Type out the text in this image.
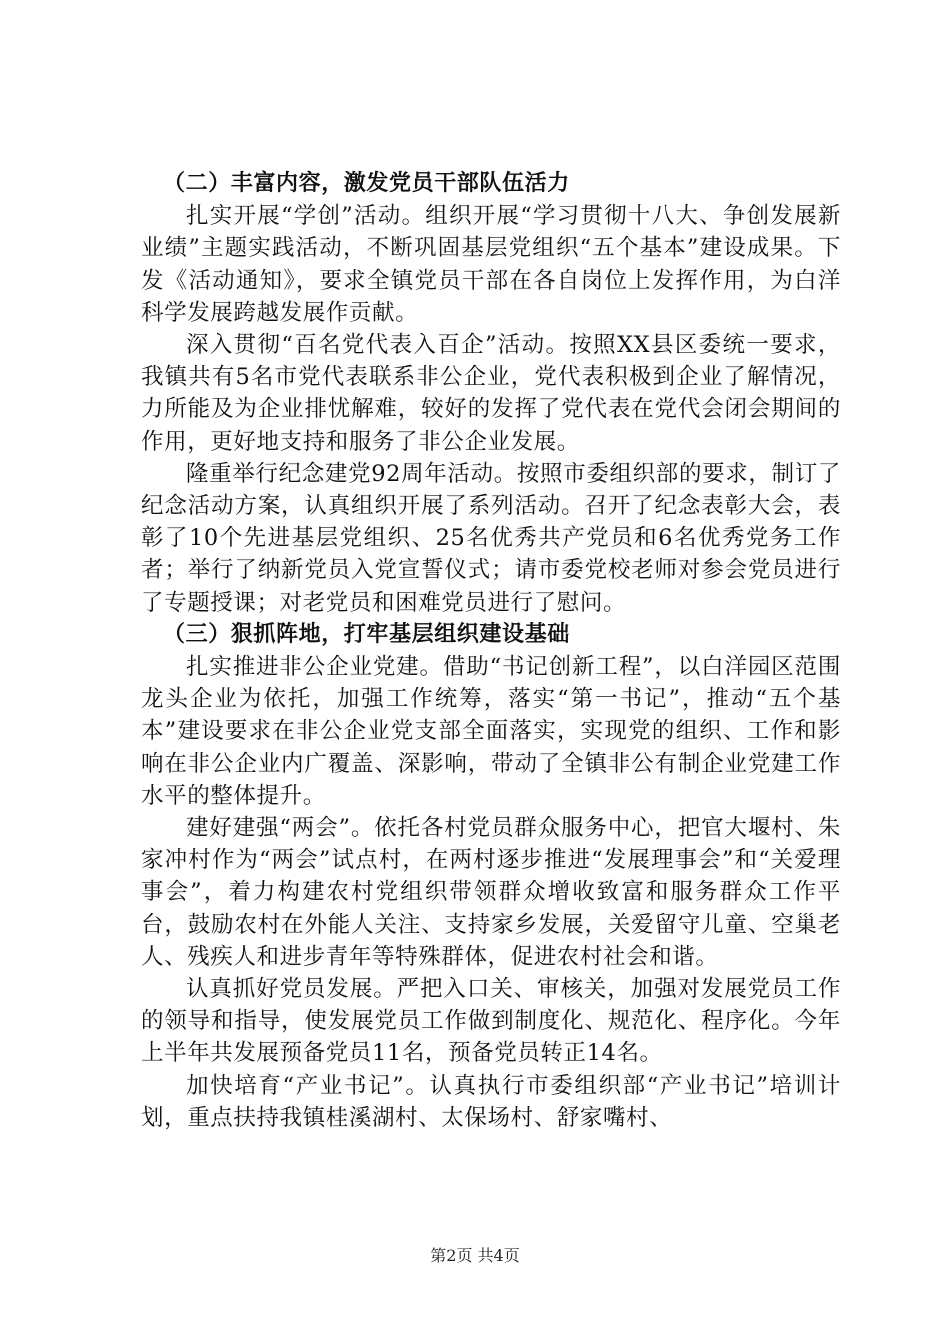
（二）丰富内容，激发党员干部队伍活力

扎实开展“学创”活动。组织开展“学习贯彻十八大、争创发展新业绩”主题实践活动，不断巩固基层党组织“五个基本”建设成果。下发《活动通知》，要求全镇党员干部在各自岗位上发挥作用，为白洋科学发展跨越发展作贡献。

深入贯彻“百名党代表入百企”活动。按照XX县区委统一要求，我镇共有5名市党代表联系非公企业，党代表积极到企业了解情况，力所能及为企业排忧解难，较好的发挥了党代表在党代会闭会期间的作用，更好地支持和服务了非公企业发展。

隆重举行纪念建党92周年活动。按照市委组织部的要求，制订了纪念活动方案，认真组织开展了系列活动。召开了纪念表彰大会，表彰了10个先进基层党组织、25名优秀共产党员和6名优秀党务工作者；举行了纳新党员入党宣誓仪式；请市委党校老师对参会党员进行了专题授课；对老党员和困难党员进行了慰问。

（三）狠抓阵地，打牢基层组织建设基础

扎实推进非公企业党建。借助“书记创新工程”，以白洋园区范围龙头企业为依托，加强工作统筹，落实“第一书记”，推动“五个基本”建设要求在非公企业党支部全面落实，实现党的组织、工作和影响在非公企业内广覆盖、深影响，带动了全镇非公有制企业党建工作水平的整体提升。

建好建强“两会”。依托各村党员群众服务中心，把官大堰村、朱家冲村作为“两会”试点村，在两村逐步推进“发展理事会”和“关爱理事会”，着力构建农村党组织带领群众增收致富和服务群众工作平台，鼓励农村在外能人关注、支持家乡发展，关爱留守儿童、空巢老人、残疾人和进步青年等特殊群体，促进农村社会和谐。

认真抓好党员发展。严把入口关、审核关，加强对发展党员工作的领导和指导，使发展党员工作做到制度化、规范化、程序化。今年上半年共发展预备党员11名，预备党员转正14名。

加快培育“产业书记”。认真执行市委组织部“产业书记”培训计划，重点扶持我镇桂溪湖村、太保场村、舒家嘴村、

第2页 共4页
